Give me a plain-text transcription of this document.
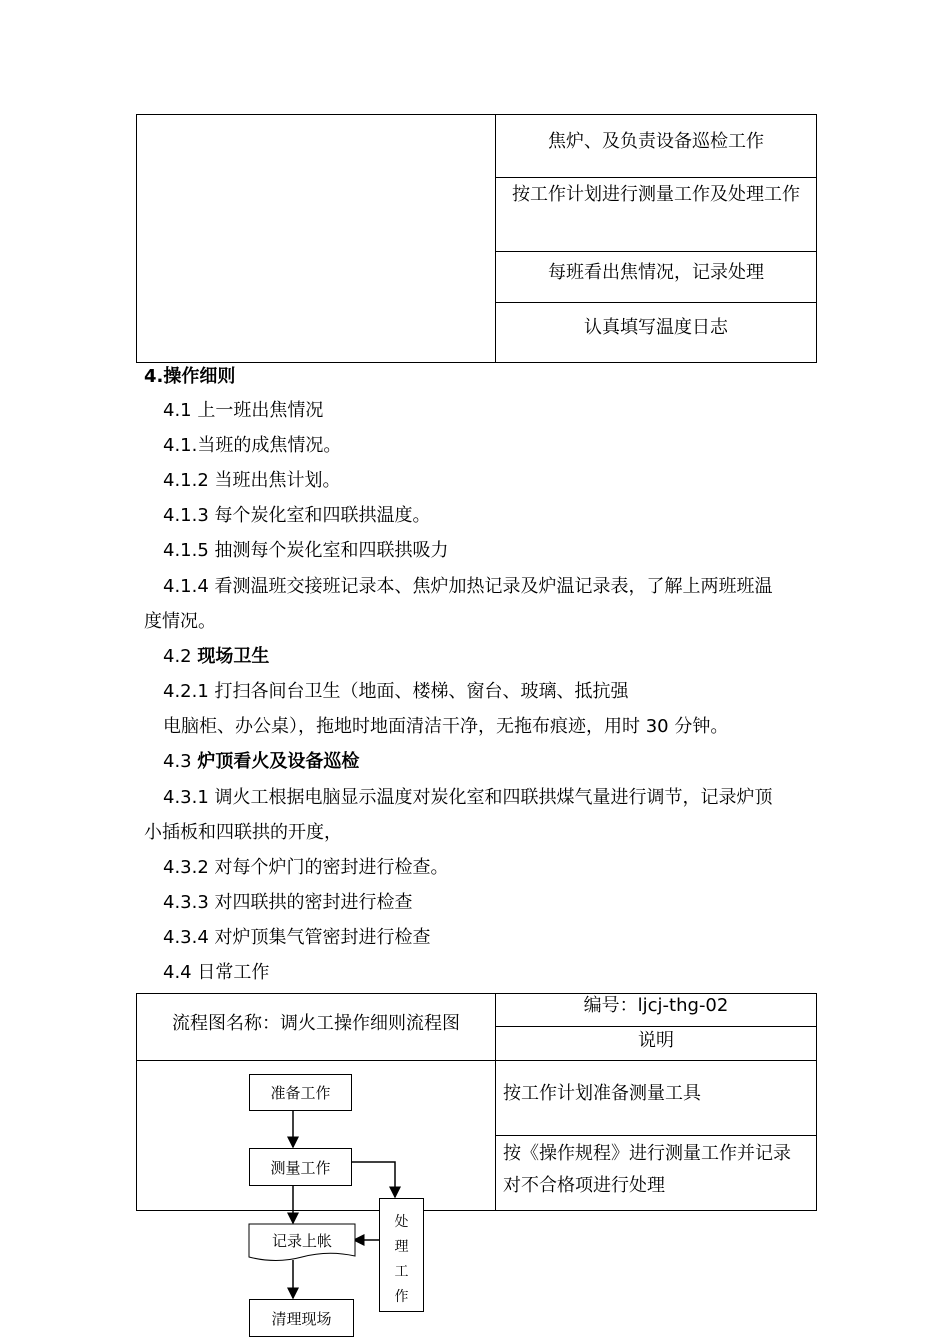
焦炉、及负责设备巡检工作
按工作计划进行测量工作及处理工作
每班看出焦情况，记录处理
认真填写温度日志
4.操作细则
4.1 上一班出焦情况
4.1.当班的成焦情况。
4.1.2 当班出焦计划。
4.1.3 每个炭化室和四联拱温度。
4.1.5 抽测每个炭化室和四联拱吸力
4.1.4 看测温班交接班记录本、焦炉加热记录及炉温记录表，了解上两班班温
度情况。
4.2 现场卫生
4.2.1 打扫各间台卫生（地面、楼梯、窗台、玻璃、抵抗强
电脑柜、办公桌），拖地时地面清洁干净，无拖布痕迹，用时 30 分钟。
4.3 炉顶看火及设备巡检
4.3.1 调火工根据电脑显示温度对炭化室和四联拱煤气量进行调节，记录炉顶
小插板和四联拱的开度，
4.3.2 对每个炉门的密封进行检查。
4.3.3 对四联拱的密封进行检查
4.3.4 对炉顶集气管密封进行检查
4.4 日常工作
流程图名称：调火工操作细则流程图
编号：ljcj-thg-02
说明
按工作计划准备测量工具
按《操作规程》进行测量工作并记录
对不合格项进行处理
准备工作
测量工作
记录上帐
清理现场
处
理
工
作
